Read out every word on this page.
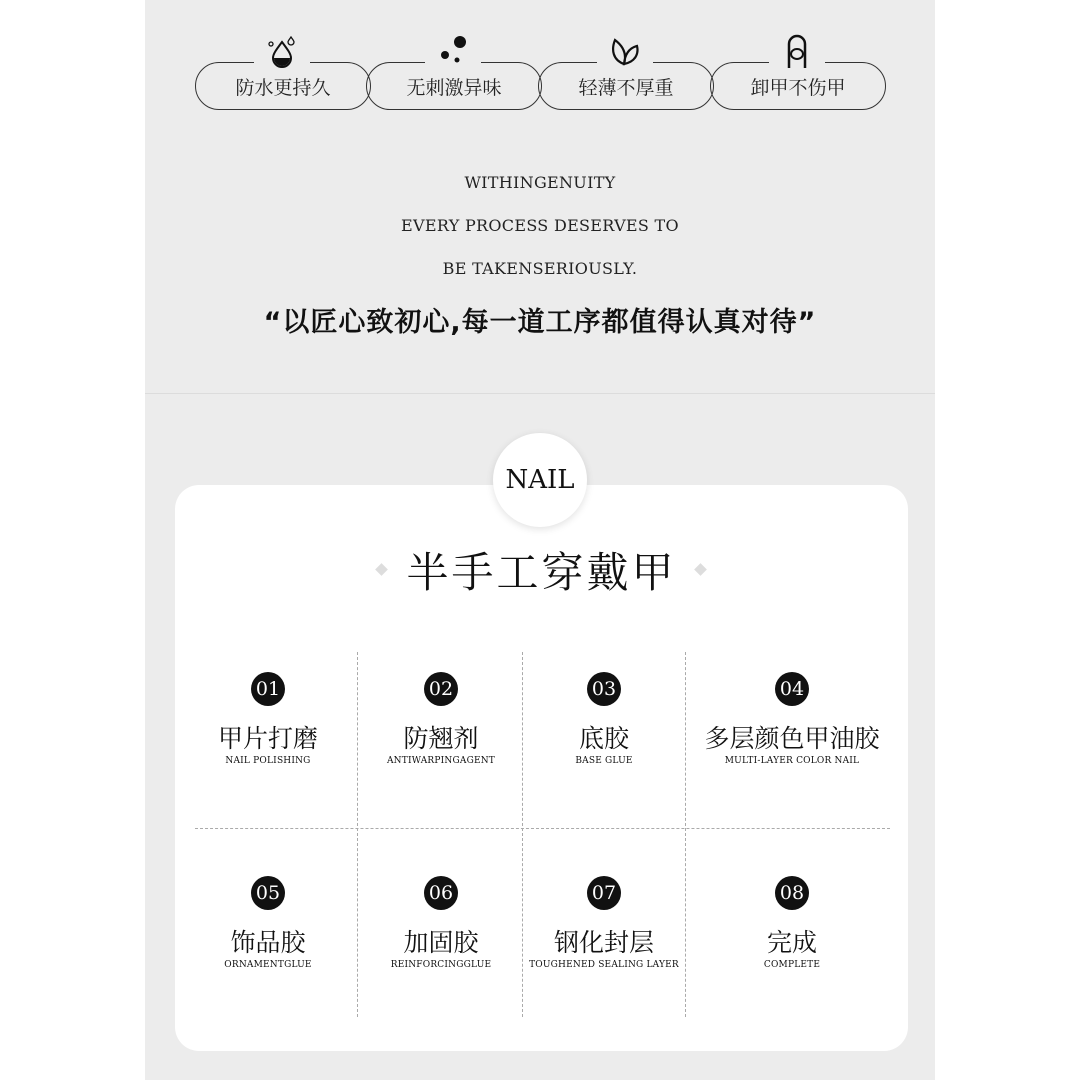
防水更持久	无刺激异味	轻薄不厚重	卸甲不伤甲
WITHINGENUITY
EVERY PROCESS DESERVES TO
BE TAKENSERIOUSLY.
“以匠心致初心,每一道工序都值得认真对待”
NAIL
半手工穿戴甲
01
甲片打磨
NAIL POLISHING
02
防翘剂
ANTIWARPINGAGENT
03
底胶
BASE GLUE
04
多层颜色甲油胶
MULTI-LAYER COLOR NAIL
05
饰品胶
ORNAMENTGLUE
06
加固胶
REINFORCINGGLUE
07
钢化封层
TOUGHENED SEALING LAYER
08
完成
COMPLETE
